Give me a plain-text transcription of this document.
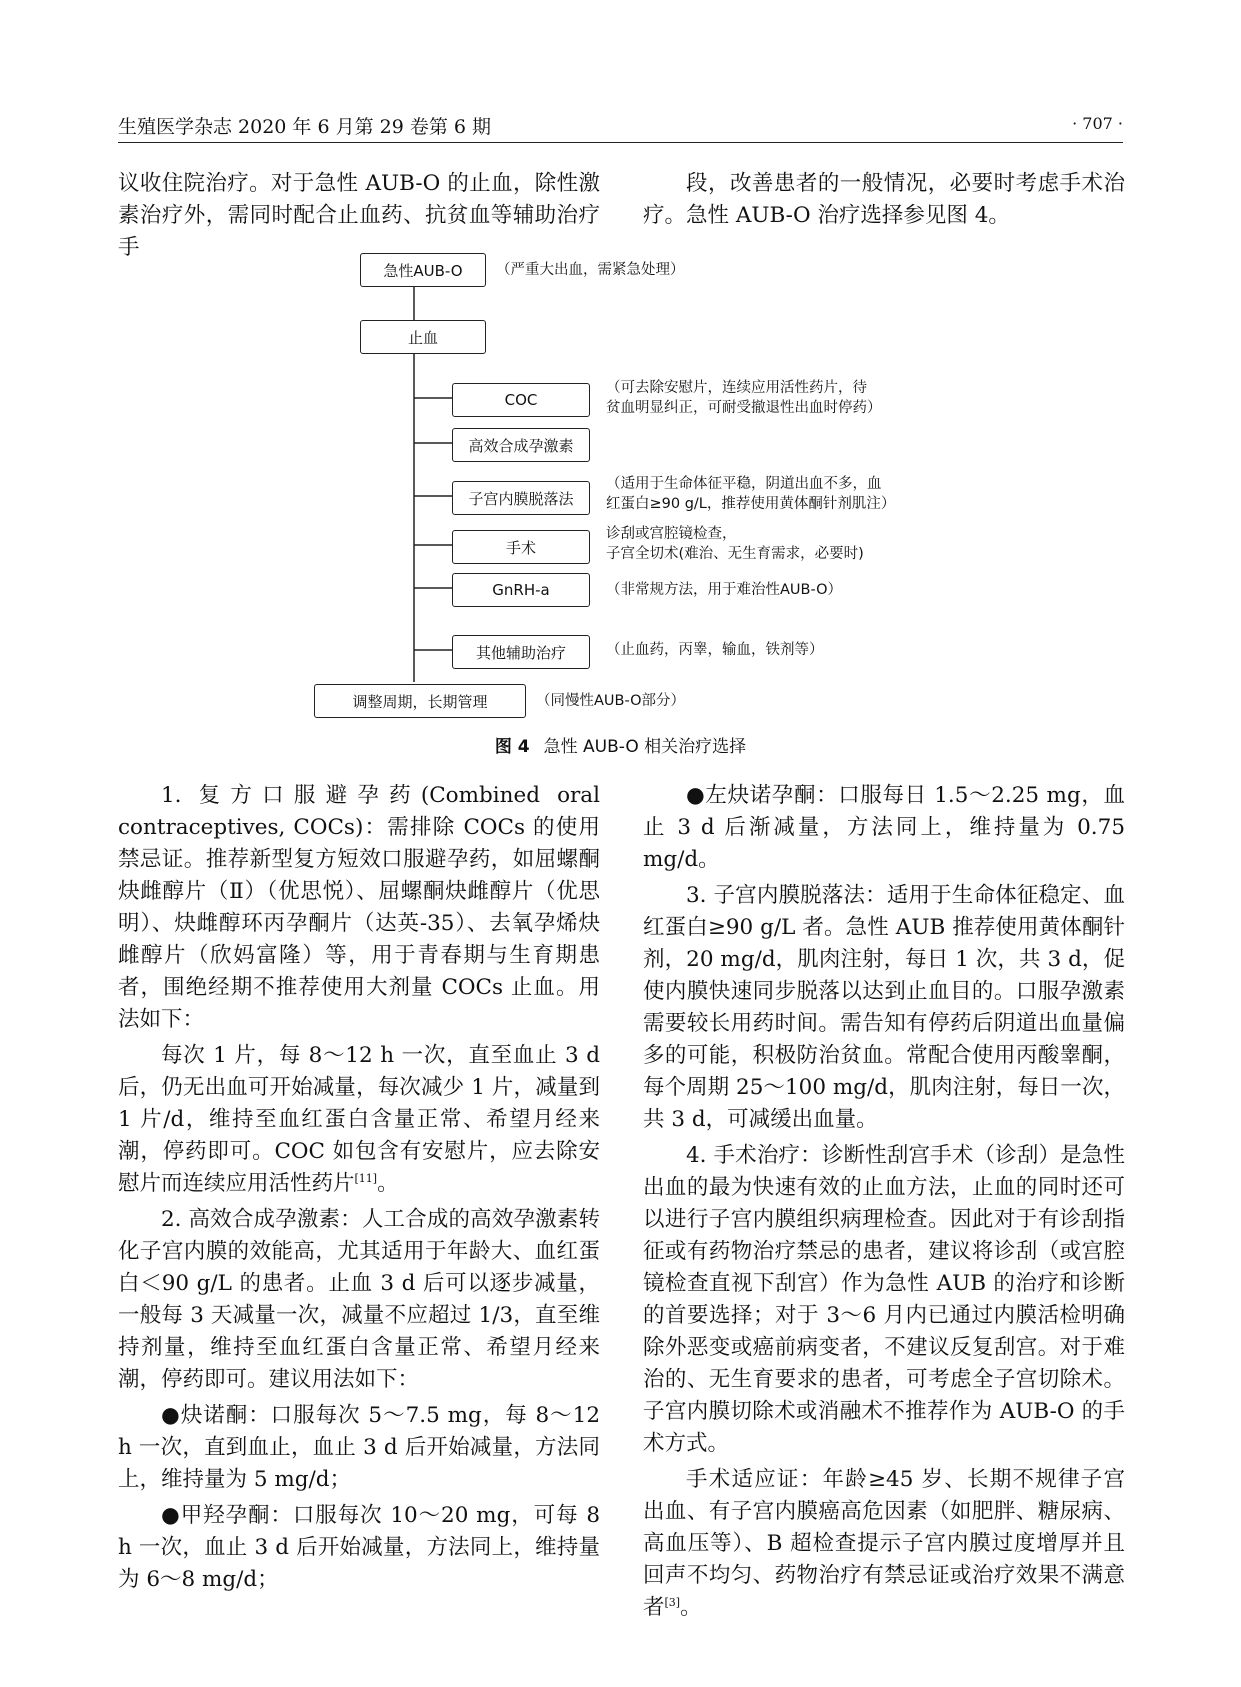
生殖医学杂志 2020 年 6 月第 29 卷第 6 期	· 707 ·

议收住院治疗。对于急性 AUB-O 的止血，除性激素治疗外，需同时配合止血药、抗贫血等辅助治疗手

段，改善患者的一般情况，必要时考虑手术治疗。急性 AUB-O 治疗选择参见图 4。

急性AUB-O	（严重大出血，需紧急处理）
止血
COC
（可去除安慰片，连续应用活性药片，待
贫血明显纠正，可耐受撤退性出血时停药）
高效合成孕激素
子宫内膜脱落法
（适用于生命体征平稳，阴道出血不多，血
红蛋白≥90 g/L，推荐使用黄体酮针剂肌注）
手术
诊刮或宫腔镜检查，
子宫全切术(难治、无生育需求，必要时)
GnRH-a	（非常规方法，用于难治性AUB-O）
其他辅助治疗	（止血药，丙睾，输血，铁剂等）
调整周期，长期管理	（同慢性AUB-O部分）
图 4 急性 AUB-O 相关治疗选择

1. 复方口服避孕药(Combined oral contraceptives, COCs)：需排除 COCs 的使用禁忌证。推荐新型复方短效口服避孕药，如屈螺酮炔雌醇片（Ⅱ）（优思悦）、屈螺酮炔雌醇片（优思明）、炔雌醇环丙孕酮片（达英-35）、去氧孕烯炔雌醇片（欣妈富隆）等，用于青春期与生育期患者，围绝经期不推荐使用大剂量 COCs 止血。用法如下：

每次 1 片，每 8～12 h 一次，直至血止 3 d 后，仍无出血可开始减量，每次减少 1 片，减量到 1 片/d，维持至血红蛋白含量正常、希望月经来潮，停药即可。COC 如包含有安慰片，应去除安慰片而连续应用活性药片[11]。

2. 高效合成孕激素：人工合成的高效孕激素转化子宫内膜的效能高，尤其适用于年龄大、血红蛋白＜90 g/L 的患者。止血 3 d 后可以逐步减量，一般每 3 天减量一次，减量不应超过 1/3，直至维持剂量，维持至血红蛋白含量正常、希望月经来潮，停药即可。建议用法如下：

●炔诺酮：口服每次 5～7.5 mg，每 8～12 h 一次，直到血止，血止 3 d 后开始减量，方法同上，维持量为 5 mg/d；

●甲羟孕酮：口服每次 10～20 mg，可每 8 h 一次，血止 3 d 后开始减量，方法同上，维持量为 6～8 mg/d；

●左炔诺孕酮：口服每日 1.5～2.25 mg，血止 3 d 后渐减量，方法同上，维持量为 0.75 mg/d。

3. 子宫内膜脱落法：适用于生命体征稳定、血红蛋白≥90 g/L 者。急性 AUB 推荐使用黄体酮针剂，20 mg/d，肌肉注射，每日 1 次，共 3 d，促使内膜快速同步脱落以达到止血目的。口服孕激素需要较长用药时间。需告知有停药后阴道出血量偏多的可能，积极防治贫血。常配合使用丙酸睾酮，每个周期 25～100 mg/d，肌肉注射，每日一次，共 3 d，可减缓出血量。

4. 手术治疗：诊断性刮宫手术（诊刮）是急性出血的最为快速有效的止血方法，止血的同时还可以进行子宫内膜组织病理检查。因此对于有诊刮指征或有药物治疗禁忌的患者，建议将诊刮（或宫腔镜检查直视下刮宫）作为急性 AUB 的治疗和诊断的首要选择；对于 3～6 月内已通过内膜活检明确除外恶变或癌前病变者，不建议反复刮宫。对于难治的、无生育要求的患者，可考虑全子宫切除术。子宫内膜切除术或消融术不推荐作为 AUB-O 的手术方式。

手术适应证：年龄≥45 岁、长期不规律子宫出血、有子宫内膜癌高危因素（如肥胖、糖尿病、高血压等）、B 超检查提示子宫内膜过度增厚并且回声不均匀、药物治疗有禁忌证或治疗效果不满意者[3]。
